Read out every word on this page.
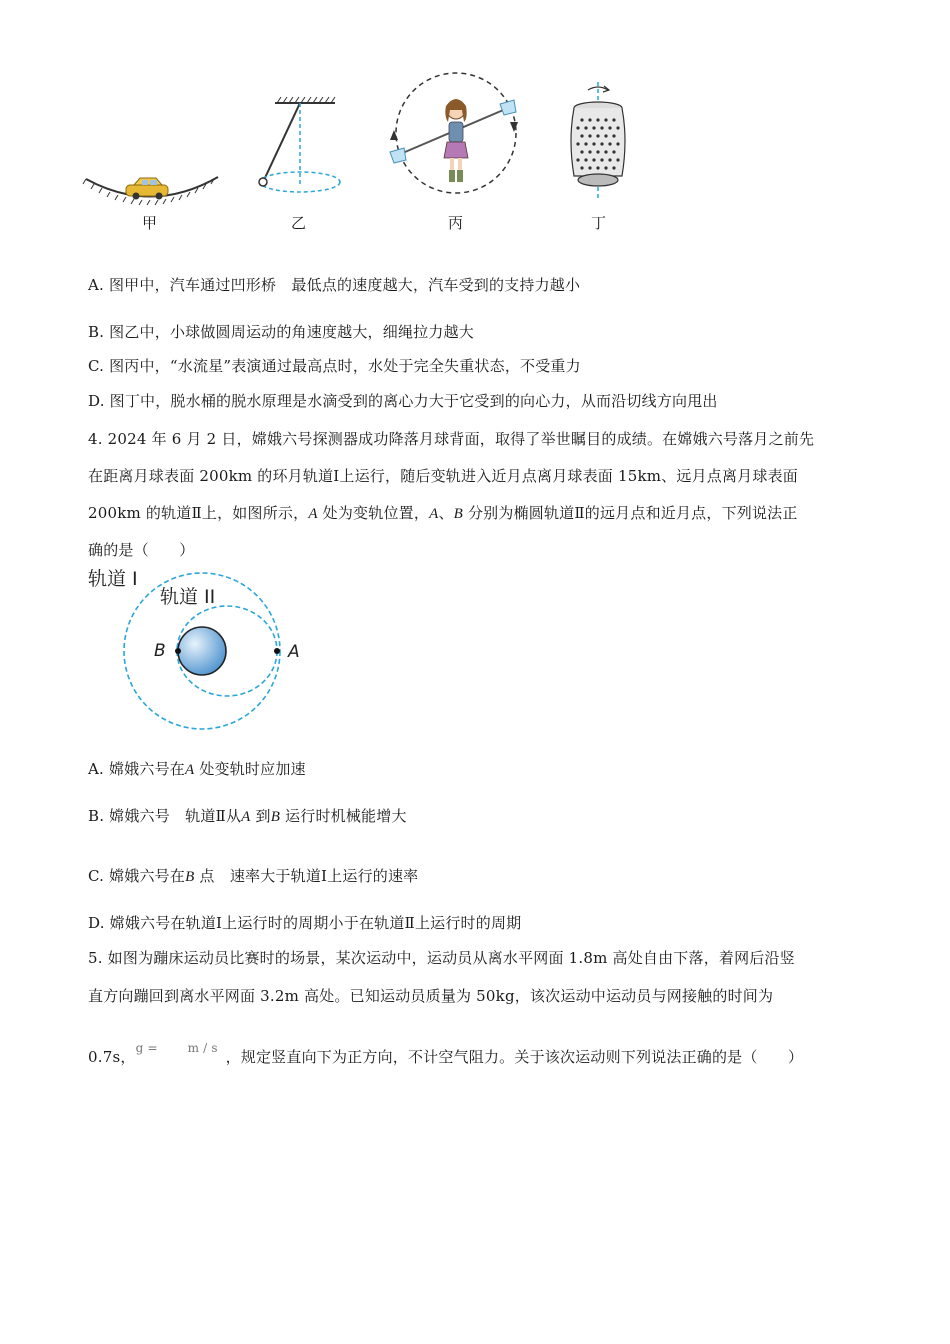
甲	乙	丙	丁
A. 图甲中，汽车通过凹形桥　最低点的速度越大，汽车受到的支持力越小
B. 图乙中，小球做圆周运动的角速度越大，细绳拉力越大
C. 图丙中，“水流星”表演通过最高点时，水处于完全失重状态，不受重力
D. 图丁中，脱水桶的脱水原理是水滴受到的离心力大于它受到的向心力，从而沿切线方向甩出
4. 2024 年 6 月 2 日，嫦娥六号探测器成功降落月球背面，取得了举世瞩目的成绩。在嫦娥六号落月之前先
在距离月球表面 200km 的环月轨道Ⅰ上运行，随后变轨进入近月点离月球表面 15km、远月点离月球表面
200km 的轨道Ⅱ上，如图所示，A 处为变轨位置，A、B 分别为椭圆轨道Ⅱ的远月点和近月点，下列说法正
确的是（　　）
轨道 I
轨道 II
B	A
A. 嫦娥六号在A 处变轨时应加速
B. 嫦娥六号　轨道Ⅱ从A 到B 运行时机械能增大
C. 嫦娥六号在B 点　速率大于轨道Ⅰ上运行的速率
D. 嫦娥六号在轨道Ⅰ上运行时的周期小于在轨道Ⅱ上运行时的周期
5. 如图为蹦床运动员比赛时的场景，某次运动中，运动员从离水平网面 1.8m 高处自由下落，着网后沿竖
直方向蹦回到离水平网面 3.2m 高处。已知运动员质量为 50kg，该次运动中运动员与网接触的时间为
0.7s，g = m / s ，规定竖直向下为正方向，不计空气阻力。关于该次运动则下列说法正确的是（　　）
